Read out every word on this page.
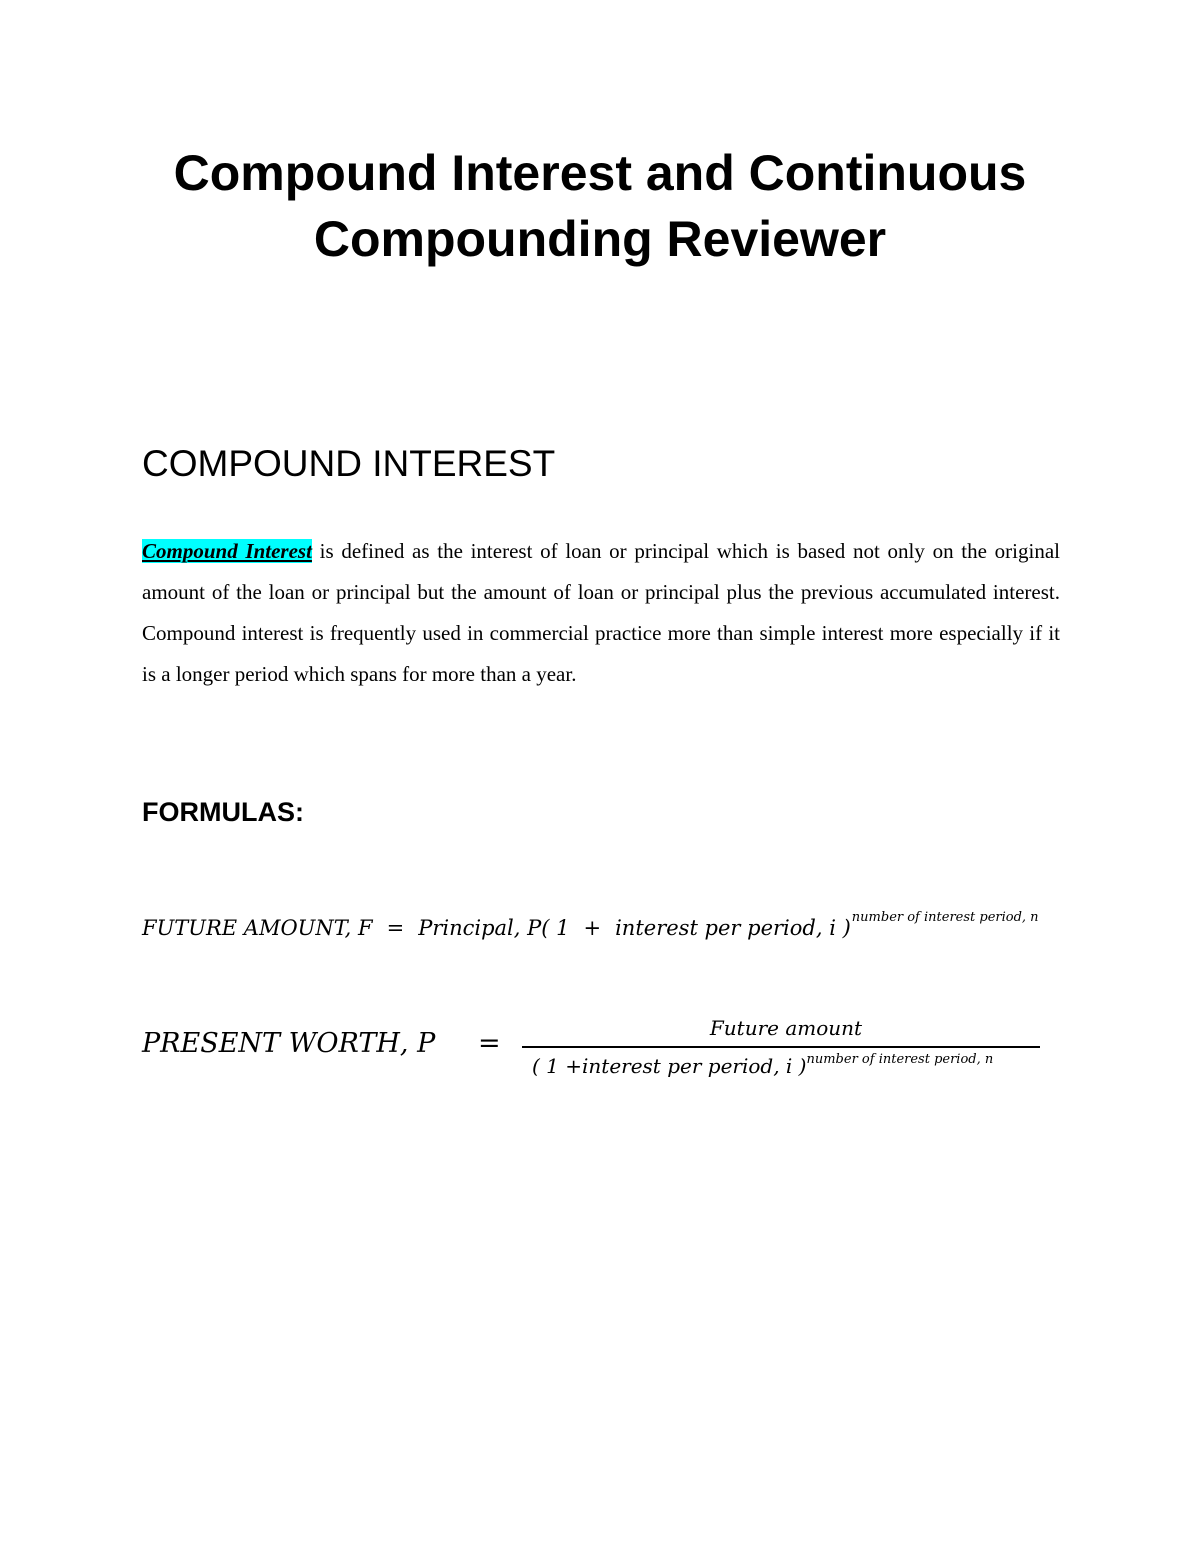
Compound Interest and Continuous
Compounding Reviewer
COMPOUND INTEREST

Compound Interest is defined as the interest of loan or principal which is based not only on the original amount of the loan or principal but the amount of loan or principal plus the previous accumulated interest. Compound interest is frequently used in commercial practice more than simple interest more especially if it is a longer period which spans for more than a year.

FORMULAS:
FUTURE AMOUNT, F = Principal, P( 1 + interest per period, i )$^{number of interest period, n}$
PRESENT WORTH, P =	Future amount
( 1 +interest per period, i )$^{number of interest period, n}$
